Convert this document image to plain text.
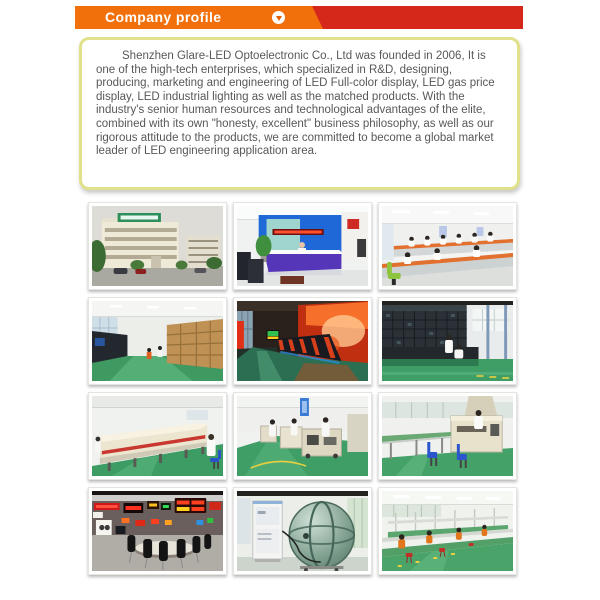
Company profile
Shenzhen Glare-LED Optoelectronic Co., Ltd was founded in 2006, It is one of the high-tech enterprises, which specialized in R&D, designing, producing, marketing and engineering of LED Full-color display, LED gas price display, LED industrial lighting as well as the matched products. With the industry's senior human resources and technological advantages of the elite, combined with its own "honesty, excellent" business philosophy, as well as our rigorous attitude to the products, we are committed to become a global market leader of LED engineering application area.
